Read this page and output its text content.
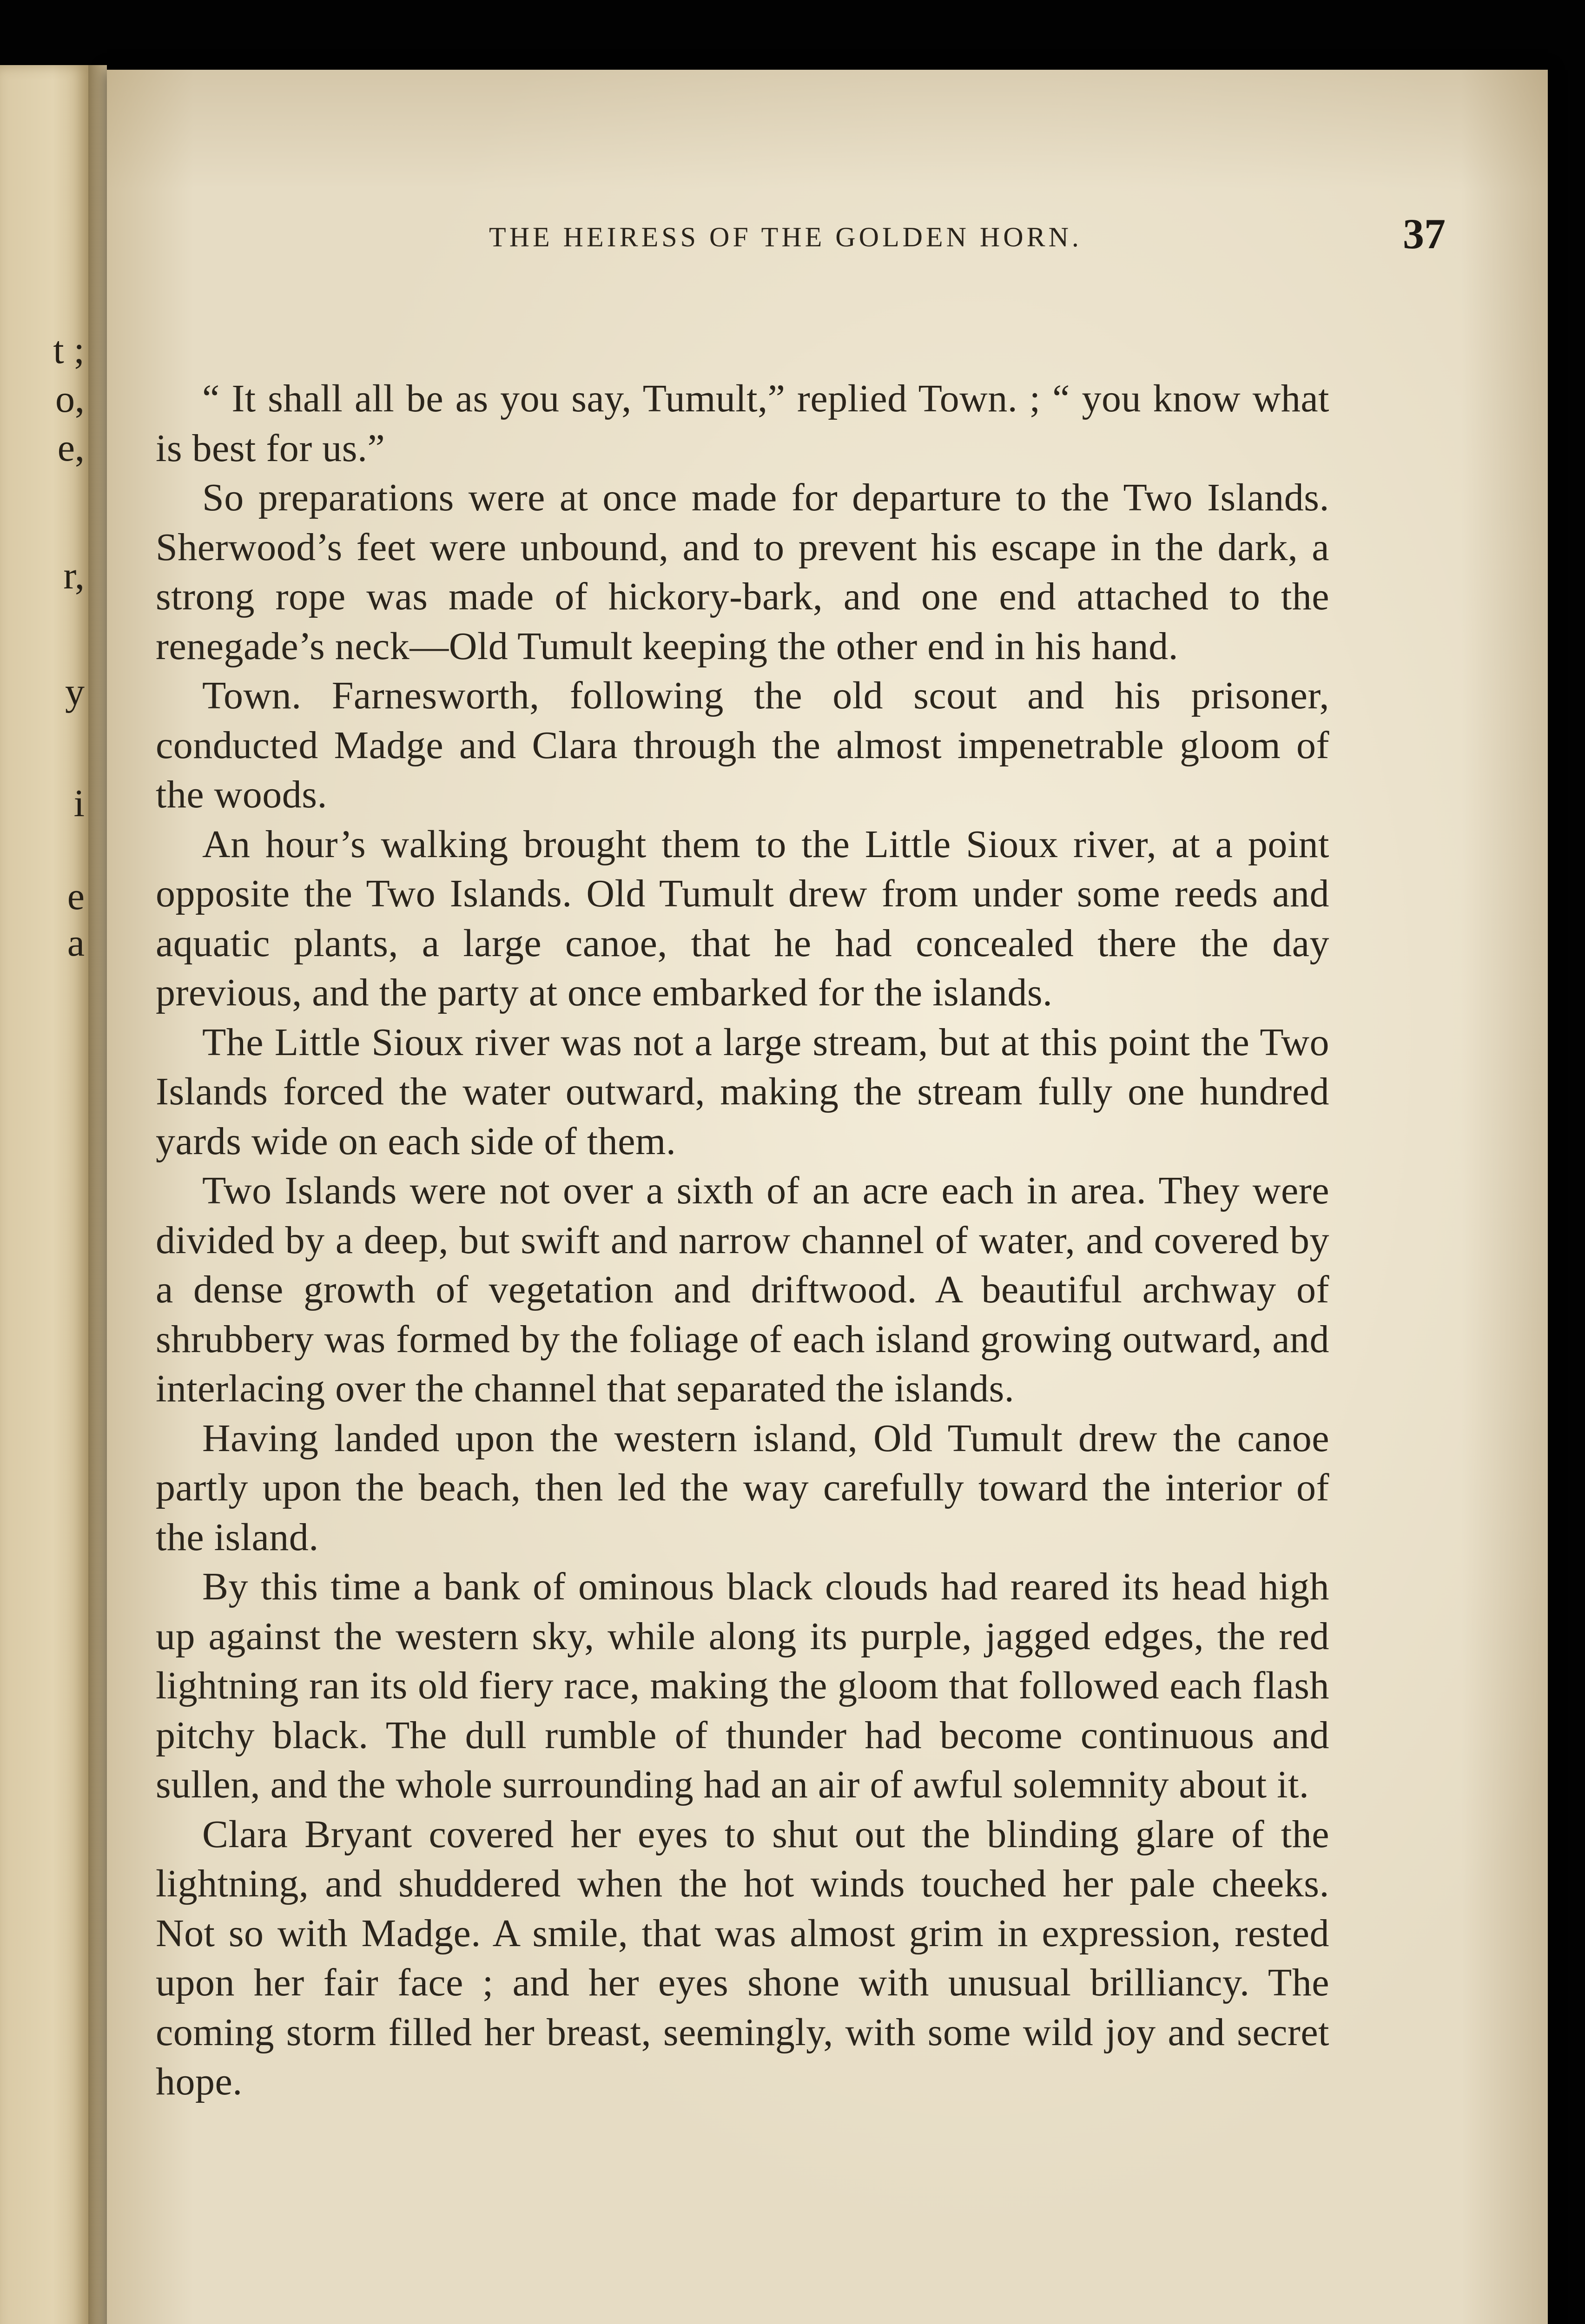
t ;
o,
e,
r,
y
i
e
a
THE HEIRESS OF THE GOLDEN HORN.	37

“ It shall all be as you say, Tumult,” replied Town. ; “ you know what is best for us.”

So preparations were at once made for departure to the Two Islands. Sherwood’s feet were unbound, and to prevent his escape in the dark, a strong rope was made of hickory-bark, and one end attached to the renegade’s neck—Old Tumult keeping the other end in his hand.

Town. Farnesworth, following the old scout and his prisoner, conducted Madge and Clara through the almost impenetrable gloom of the woods.

An hour’s walking brought them to the Little Sioux river, at a point opposite the Two Islands. Old Tumult drew from under some reeds and aquatic plants, a large canoe, that he had concealed there the day previous, and the party at once embarked for the islands.

The Little Sioux river was not a large stream, but at this point the Two Islands forced the water outward, making the stream fully one hundred yards wide on each side of them.

Two Islands were not over a sixth of an acre each in area. They were divided by a deep, but swift and narrow channel of water, and covered by a dense growth of vegetation and driftwood. A beautiful archway of shrubbery was formed by the foliage of each island growing outward, and interlacing over the channel that separated the islands.

Having landed upon the western island, Old Tumult drew the canoe partly upon the beach, then led the way carefully toward the interior of the island.

By this time a bank of ominous black clouds had reared its head high up against the western sky, while along its purple, jagged edges, the red lightning ran its old fiery race, making the gloom that followed each flash pitchy black. The dull rumble of thunder had become continuous and sullen, and the whole surrounding had an air of awful solemnity about it.

Clara Bryant covered her eyes to shut out the blinding glare of the lightning, and shuddered when the hot winds touched her pale cheeks. Not so with Madge. A smile, that was almost grim in expression, rested upon her fair face ; and her eyes shone with unusual brilliancy. The coming storm filled her breast, seemingly, with some wild joy and secret hope.
